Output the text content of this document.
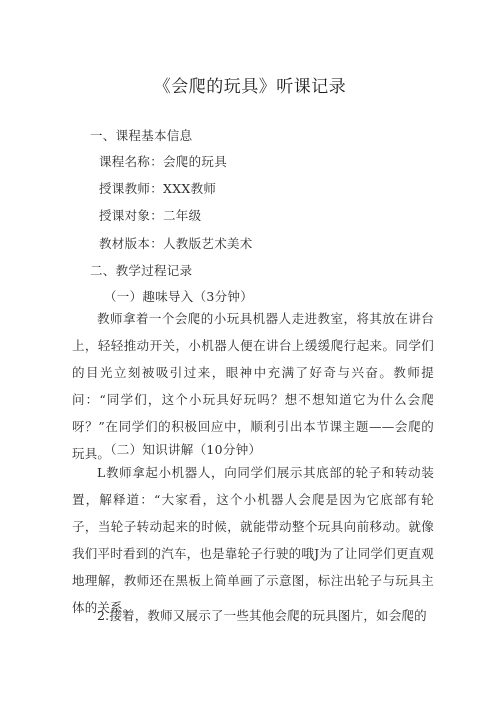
《会爬的玩具》听课记录
一、课程基本信息
课程名称：会爬的玩具
授课教师：XXX教师
授课对象：二年级
教材版本：人教版艺术美术
二、教学过程记录
（一）趣味导入（3分钟）
教师拿着一个会爬的小玩具机器人走进教室，将其放在讲台上，轻轻推动开关，小机器人便在讲台上缓缓爬行起来。同学们的目光立刻被吸引过来，眼神中充满了好奇与兴奋。教师提问：“同学们，这个小玩具好玩吗？想不想知道它为什么会爬呀？”在同学们的积极回应中，顺利引出本节课主题——会爬的玩具。
（二）知识讲解（10分钟）
L教师拿起小机器人，向同学们展示其底部的轮子和转动装置，解释道：“大家看，这个小机器人会爬是因为它底部有轮子，当轮子转动起来的时候，就能带动整个玩具向前移动。就像我们平时看到的汽车，也是靠轮子行驶的哦J为了让同学们更直观地理解，教师还在黑板上简单画了示意图，标注出轮子与玩具主体的关系。
2.接着，教师又展示了一些其他会爬的玩具图片，如会爬的
